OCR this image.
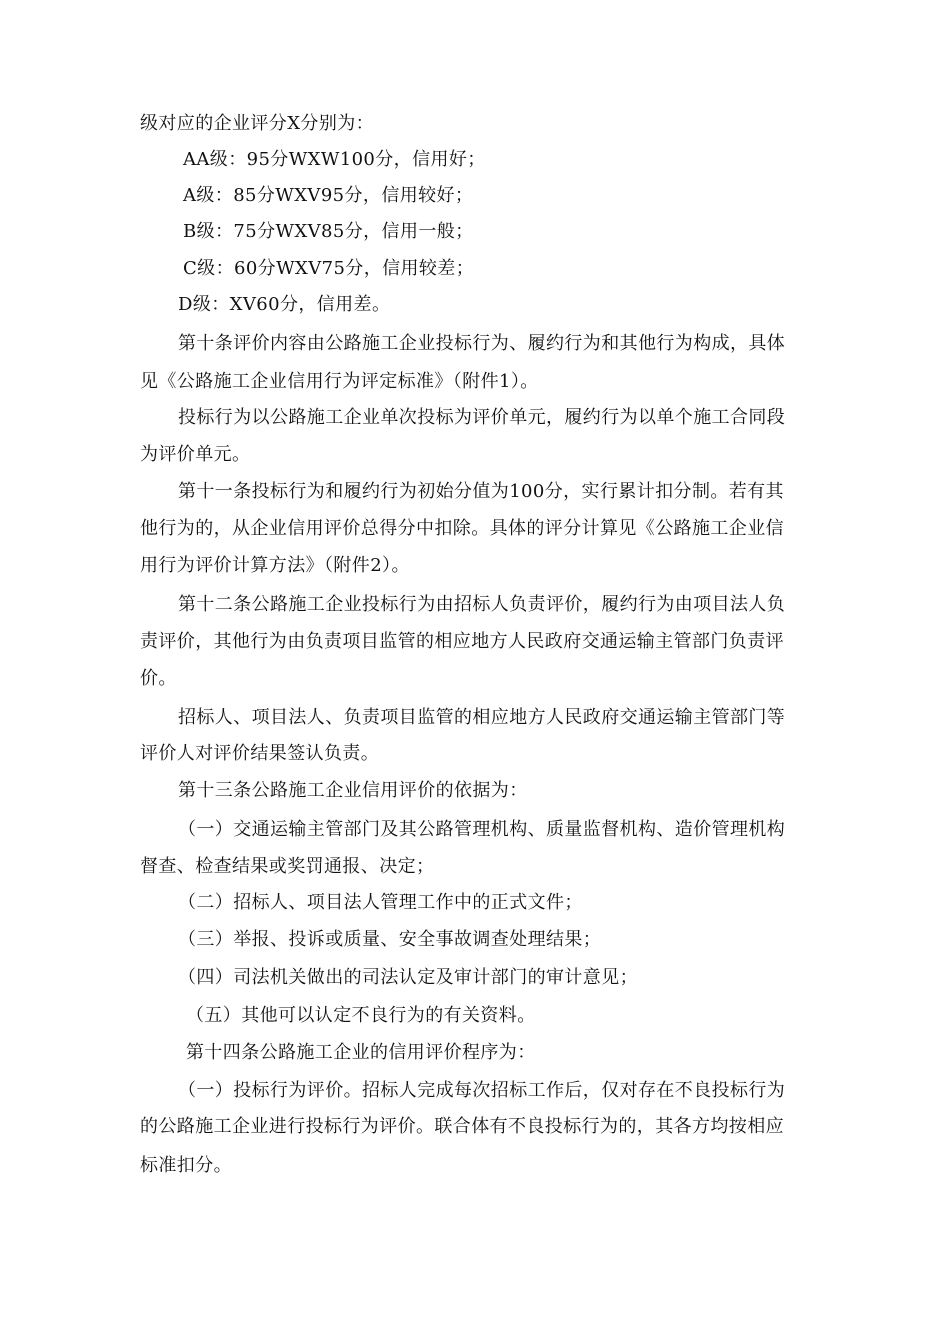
级对应的企业评分X分别为：
AA级：95分WXW100分，信用好；
A级：85分WXV95分，信用较好；
B级：75分WXV85分，信用一般；
C级：60分WXV75分，信用较差；
D级：XV60分，信用差。
第十条评价内容由公路施工企业投标行为、履约行为和其他行为构成，具体
见《公路施工企业信用行为评定标准》（附件1）。
投标行为以公路施工企业单次投标为评价单元，履约行为以单个施工合同段
为评价单元。
第十一条投标行为和履约行为初始分值为100分，实行累计扣分制。若有其
他行为的，从企业信用评价总得分中扣除。具体的评分计算见《公路施工企业信
用行为评价计算方法》（附件2）。
第十二条公路施工企业投标行为由招标人负责评价，履约行为由项目法人负
责评价，其他行为由负责项目监管的相应地方人民政府交通运输主管部门负责评
价。
招标人、项目法人、负责项目监管的相应地方人民政府交通运输主管部门等
评价人对评价结果签认负责。
第十三条公路施工企业信用评价的依据为：
（一）交通运输主管部门及其公路管理机构、质量监督机构、造价管理机构
督查、检查结果或奖罚通报、决定；
（二）招标人、项目法人管理工作中的正式文件；
（三）举报、投诉或质量、安全事故调查处理结果；
（四）司法机关做出的司法认定及审计部门的审计意见；
（五）其他可以认定不良行为的有关资料。
第十四条公路施工企业的信用评价程序为：
（一）投标行为评价。招标人完成每次招标工作后，仅对存在不良投标行为
的公路施工企业进行投标行为评价。联合体有不良投标行为的，其各方均按相应
标准扣分。
